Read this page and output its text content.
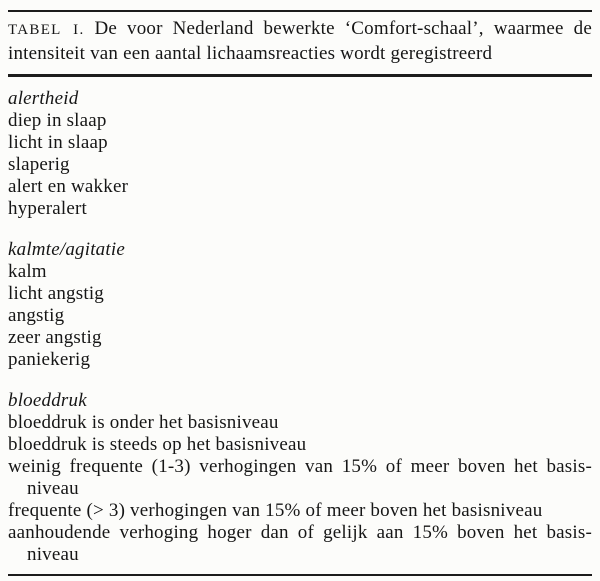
TABEL I. De voor Nederland bewerkte ‘Comfort-schaal’, waarmee de
intensiteit van een aantal lichaamsreacties wordt geregistreerd
alertheid
diep in slaap
licht in slaap
slaperig
alert en wakker
hyperalert
kalmte/agitatie
kalm
licht angstig
angstig
zeer angstig
paniekerig
bloeddruk
bloeddruk is onder het basisniveau
bloeddruk is steeds op het basisniveau
weinig frequente (1-3) verhogingen van 15% of meer boven het basis-
niveau
frequente (> 3) verhogingen van 15% of meer boven het basisniveau
aanhoudende verhoging hoger dan of gelijk aan 15% boven het basis-
niveau
